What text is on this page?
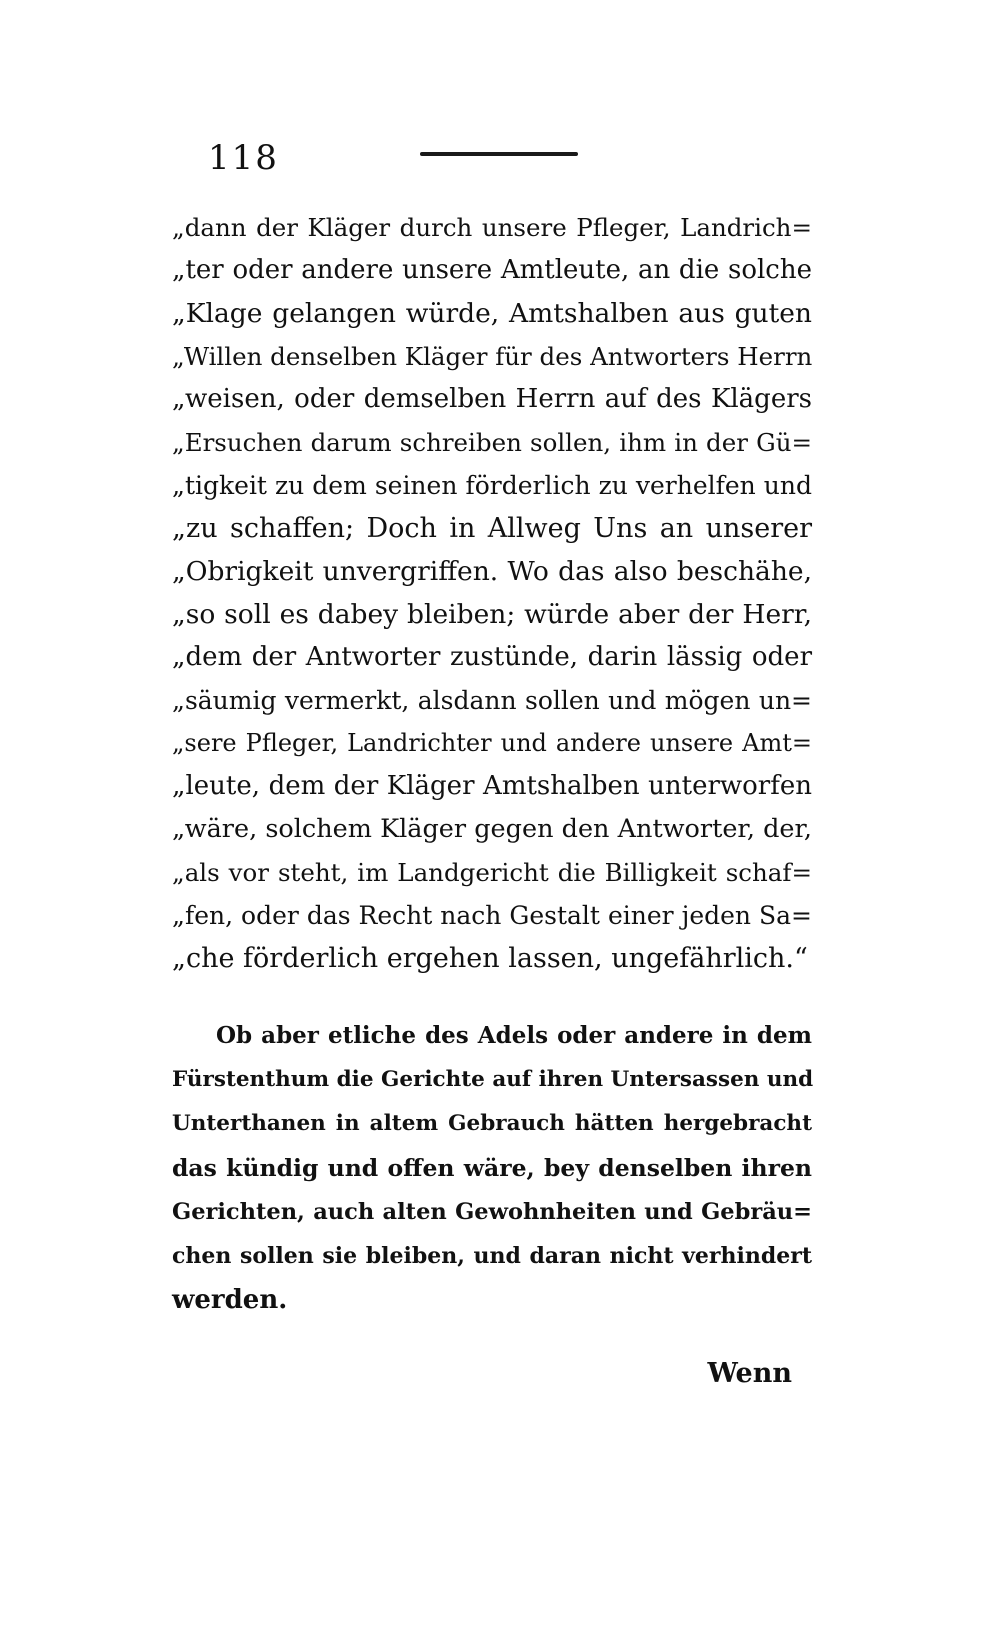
118
„dann der Kläger durch unsere Pfleger, Landrich=
„ter oder andere unsere Amtleute, an die solche
„Klage gelangen würde, Amtshalben aus guten
„Willen denselben Kläger für des Antworters Herrn
„weisen, oder demselben Herrn auf des Klägers
„Ersuchen darum schreiben sollen, ihm in der Gü=
„tigkeit zu dem seinen förderlich zu verhelfen und
„zu schaffen; Doch in Allweg Uns an unserer
„Obrigkeit unvergriffen. Wo das also beschähe,
„so soll es dabey bleiben; würde aber der Herr,
„dem der Antworter zustünde, darin lässig oder
„säumig vermerkt, alsdann sollen und mögen un=
„sere Pfleger, Landrichter und andere unsere Amt=
„leute, dem der Kläger Amtshalben unterworfen
„wäre, solchem Kläger gegen den Antworter, der,
„als vor steht, im Landgericht die Billigkeit schaf=
„fen, oder das Recht nach Gestalt einer jeden Sa=
„che förderlich ergehen lassen, ungefährlich.“
Ob aber etliche des Adels oder andere in dem
Fürstenthum die Gerichte auf ihren Untersassen und
Unterthanen in altem Gebrauch hätten hergebracht
das kündig und offen wäre, bey denselben ihren
Gerichten, auch alten Gewohnheiten und Gebräu=
chen sollen sie bleiben, und daran nicht verhindert
werden.
Wenn
